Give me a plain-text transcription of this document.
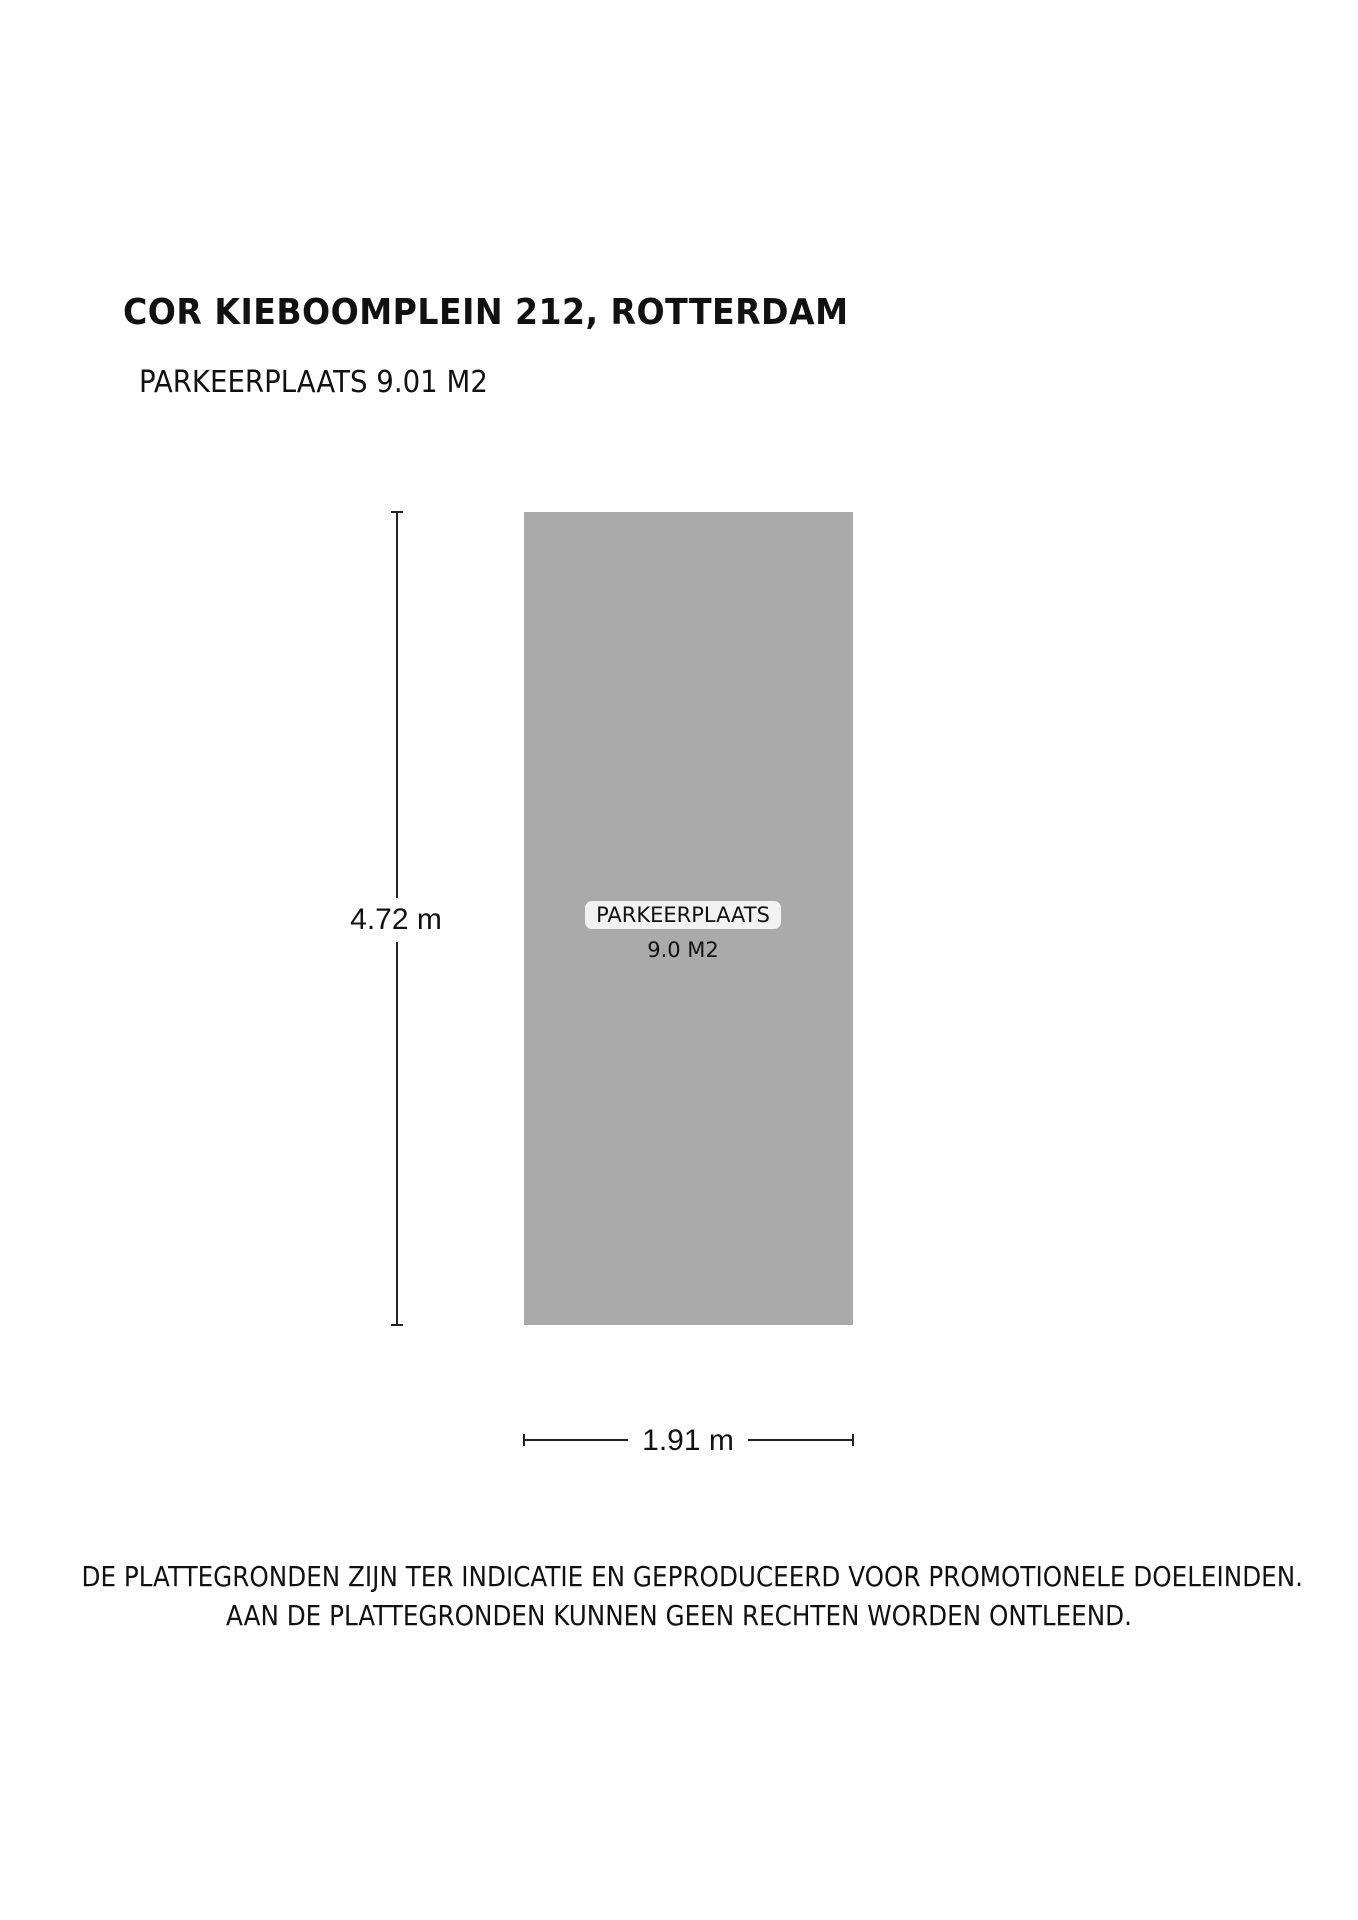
COR KIEBOOMPLEIN 212, ROTTERDAM
PARKEERPLAATS 9.01 M2
PARKEERPLAATS
9.0 M2
4.72 m
1.91 m
DE PLATTEGRONDEN ZIJN TER INDICATIE EN GEPRODUCEERD VOOR PROMOTIONELE DOELEINDEN.
AAN DE PLATTEGRONDEN KUNNEN GEEN RECHTEN WORDEN ONTLEEND.
